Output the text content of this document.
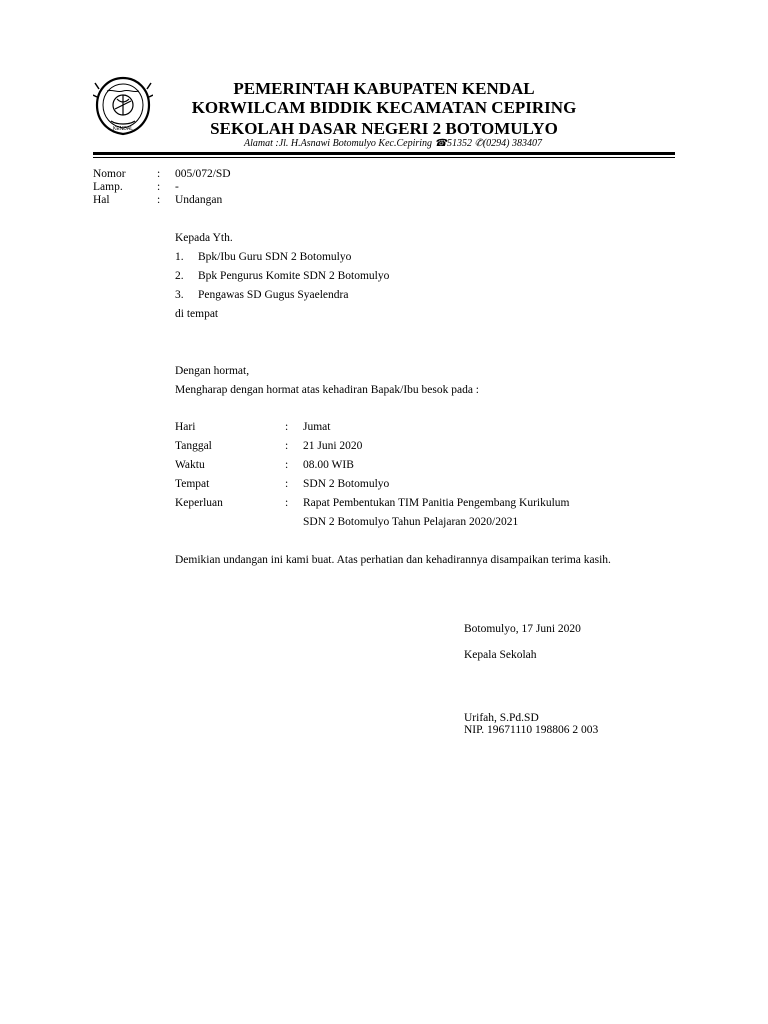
KENDAL
PEMERINTAH KABUPATEN KENDAL
KORWILCAM BIDDIK KECAMATAN CEPIRING
SEKOLAH DASAR NEGERI 2 BOTOMULYO
Alamat :Jl. H.Asnawi Botomulyo Kec.Cepiring ☎51352 ✆(0294) 383407
Nomor	: 005/072/SD
Lamp.	: -
Hal	: Undangan
Kepada Yth.
1. Bpk/Ibu Guru SDN 2 Botomulyo
2. Bpk Pengurus Komite SDN 2 Botomulyo
3. Pengawas SD Gugus Syaelendra
di tempat
Dengan hormat,
Mengharap dengan hormat atas kehadiran Bapak/Ibu besok pada :
Hari	: Jumat
Tanggal	: 21 Juni 2020
Waktu	: 08.00 WIB
Tempat	: SDN 2 Botomulyo
Keperluan	: Rapat Pembentukan TIM Panitia Pengembang Kurikulum
SDN 2 Botomulyo Tahun Pelajaran 2020/2021
Demikian undangan ini kami buat. Atas perhatian dan kehadirannya disampaikan terima kasih.
Botomulyo, 17 Juni 2020
Kepala Sekolah
Urifah, S.Pd.SD
NIP. 19671110 198806 2 003
